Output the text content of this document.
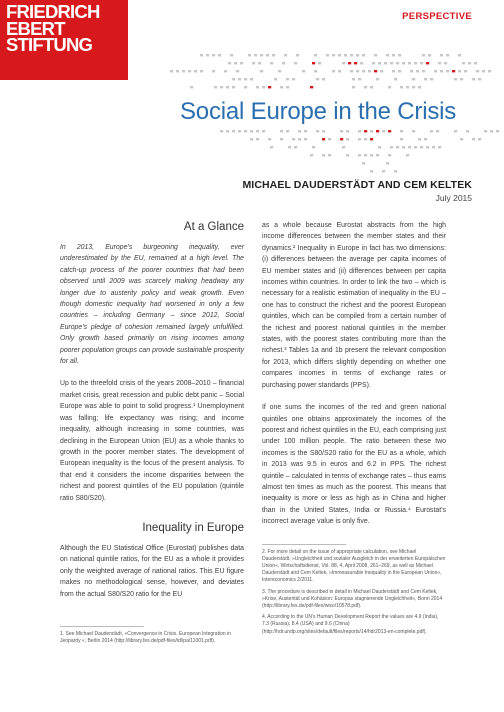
FRIEDRICH
EBERT
STIFTUNG
PERSPECTIVE
Social Europe in the Crisis
MICHAEL DAUDERSTÄDT AND CEM KELTEK
July 2015

At a Glance

In 2013, Europe’s burgeoning inequality, ever underestimated by the EU, remained at a high level. The catch-up process of the poorer countries that had been observed until 2009 was scarcely making headway any longer due to austerity policy and weak growth. Even though domestic inequality had worsened in only a few countries – including Germany – since 2012, Social Europe’s pledge of cohesion remained largely unfulfilled. Only growth based primarily on rising incomes among poorer population groups can provide sustainable prosperity for all.

Up to the threefold crisis of the years 2008–2010 – financial market crisis, great recession and public debt panic – Social Europe was able to point to solid progress.¹ Unemployment was falling; life expectancy was rising; and income inequality, although increasing in some countries, was declining in the European Union (EU) as a whole thanks to growth in the poorer member states. The development of European inequality is the focus of the present analysis. To that end it considers the income disparities between the richest and poorest quintiles of the EU population (quintile ratio S80/S20).

Inequality in Europe

Although the EU Statistical Office (Eurostat) publishes data on national quintile ratios, for the EU as a whole it provides only the weighted average of national ratios. This EU figure makes no methodological sense, however, and deviates from the actual S80/S20 ratio for the EU

1. See Michael Dauderstädt, »Convergence in Crisis. European Integration in Jeopardy «, Berlin 2014 (http://library.fes.de/pdf-files/id/ipa/11001.pdf).

as a whole because Eurostat abstracts from the high income differences between the member states and their dynamics.² Inequality in Europe in fact has two dimensions: (i) differences between the average per capita incomes of EU member states and (ii) differences between per capita incomes within countries. In order to link the two – which is necessary for a realistic estimation of inequality in the EU – one has to construct the richest and the poorest European quintiles, which can be compiled from a certain number of the richest and poorest national quintiles in the member states, with the poorest states contributing more than the richest.³ Tables 1a and 1b present the relevant composition for 2013, which differs slightly depending on whether one compares incomes in terms of exchange rates or purchasing power standards (PPS).

If one sums the incomes of the red and green national quintiles one obtains approximately the incomes of the poorest and richest quintiles in the EU, each comprising just under 100 million people. The ratio between these two incomes is the S80/S20 ratio for the EU as a whole, which in 2013 was 9.5 in euros and 6.2 in PPS. The richest quintile – calculated in terms of exchange rates – thus earns almost ten times as much as the poorest. This means that inequality is more or less as high as in China and higher than in the United States, India or Russia.⁴ Eurostat’s incorrect average value is only five.

2. For more detail on the issue of appropriate calculation, see Michael Dauderstädt, »Ungleichheit und sozialer Ausgleich in der erweiterten Europäischen Union«, Wirtschaftsdienst, Vol. 88, 4, April 2008, 261–269, as well as Michael Dauderstädt and Cem Keltek, »Immeasurable Inequality in the European Union«, Intereconomics 2/2011.

3. The procedure is described in detail in Michael Dauderstädt and Cem Keltek, »Krise, Austerität und Kohäsion: Europas stagnierende Ungleichheit«, Bonn 2014 (http://library.fes.de/pdf-files/wiso/10578.pdf).

4. According to the UN’s Human Development Report the values are 4.9 (India), 7.3 (Russia), 8.4 (USA) and 9.6 (China) (http://hdr.undp.org/sites/default/files/reports/14/hdr2013-en-complete.pdf).
